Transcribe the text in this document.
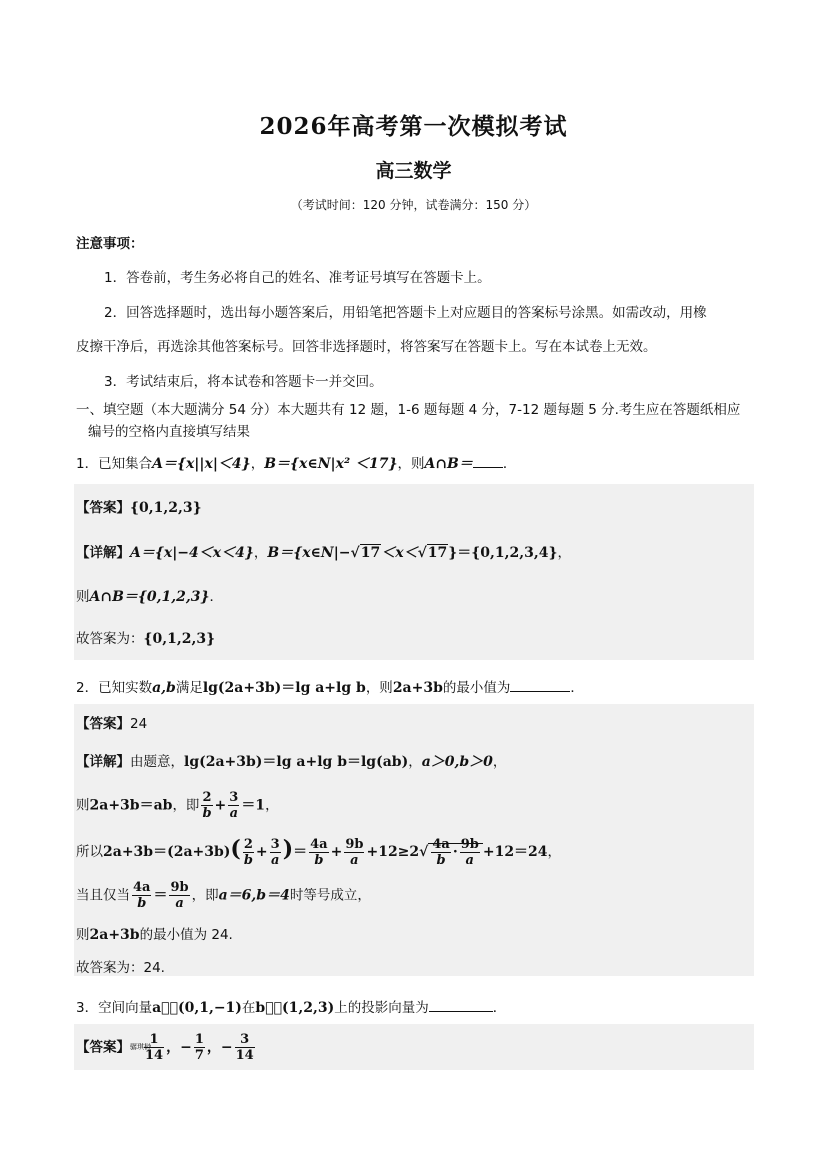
2026年高考第一次模拟考试
高三数学
（考试时间：120 分钟，试卷满分：150 分）
注意事项：
1．答卷前，考生务必将自己的姓名、准考证号填写在答题卡上。
2．回答选择题时，选出每小题答案后，用铅笔把答题卡上对应题目的答案标号涂黑。如需改动，用橡
皮擦干净后，再选涂其他答案标号。回答非选择题时，将答案写在答题卡上。写在本试卷上无效。
3．考试结束后，将本试卷和答题卡一并交回。
一、填空题（本大题满分 54 分）本大题共有 12 题，1-6 题每题 4 分，7-12 题每题 5 分.考生应在答题纸相应
编号的空格内直接填写结果
1．已知集合A＝{x||x|＜4}，B＝{x∈N|x² ＜17}，则A∩B＝ ．
【答案】{0,1,2,3}
【详解】A＝{x|−4＜x＜4}，B＝{x∈N|−√17＜x＜√17}＝{0,1,2,3,4}，
则A∩B＝{0,1,2,3}．
故答案为：{0,1,2,3}
2．已知实数a,b满足lg(2a+3b)＝lg a+lg b，则2a+3b的最小值为	．
【答案】24
【详解】由题意，lg(2a+3b)＝lg a+lg b＝lg(ab)，a＞0,b＞0，
则2a+3b＝ab，即 $\frac{2}{b} + \frac{3}{a} =1$，
所以$2a+3b=(2a+3b)( \frac{2}{b} + \frac{3}{a}$ )＝ $\frac{4a}{b} + \frac{9b}{a} +12\ge 2√ \frac{4a}{b} \cdot \frac{9b}{a} +12=24$，
当且仅当 $\frac{4a}{b} = \frac{9b}{a}$ ，即a＝6,b＝4时等号成立，
则2a+3b的最小值为 24.
故答案为：24.
3．空间向量a⃗＝(0,1,−1)在b⃗＝(1,2,3)上的投影向量为	．
【答案】骣琪桫
$\frac{1}{14}$ ，− $\frac{1}{7}$ ，− $\frac{3}{14}$
